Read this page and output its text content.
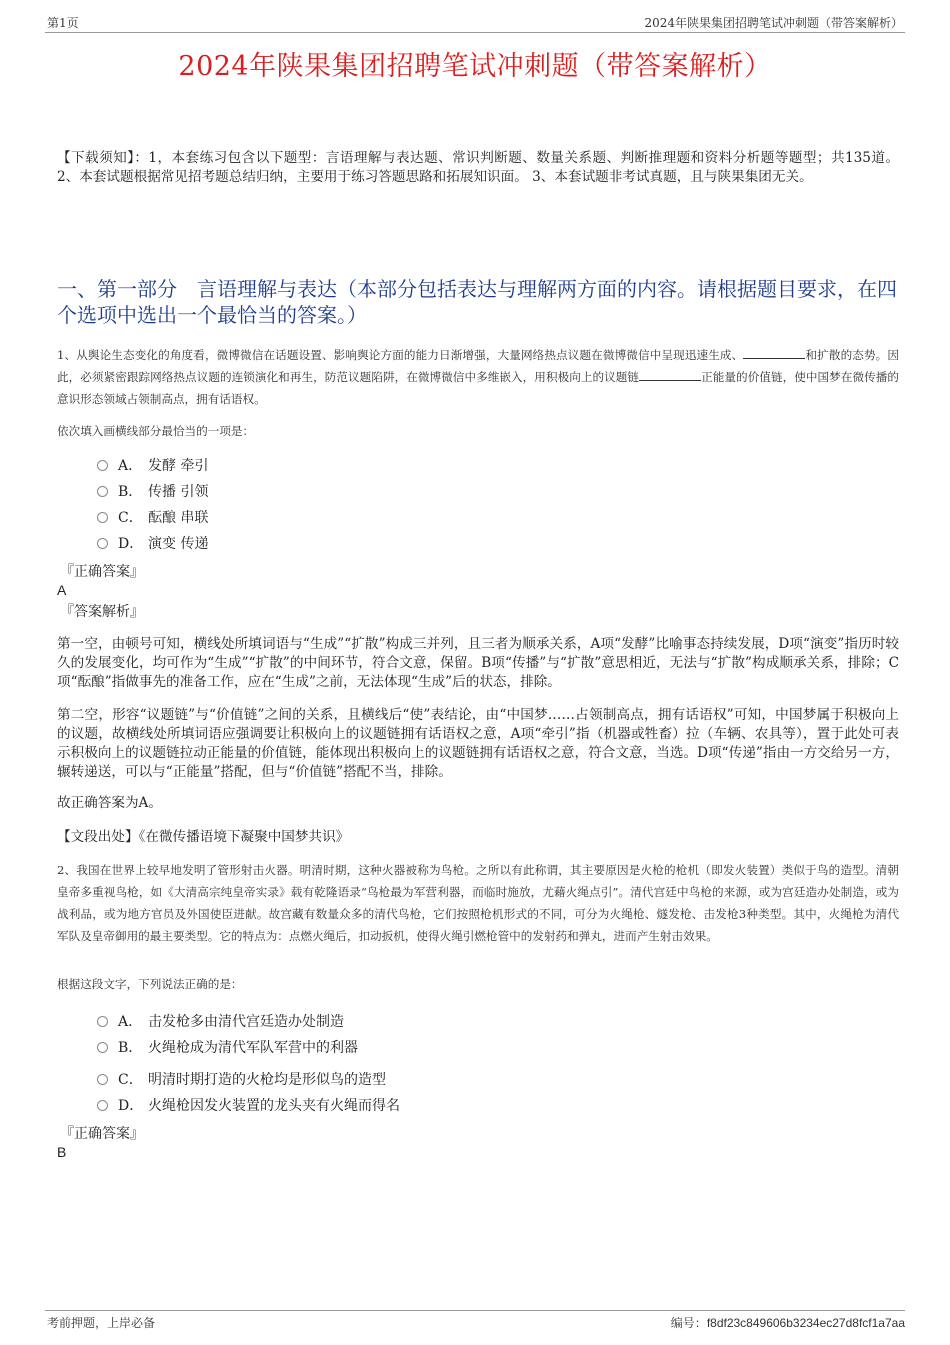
第1页	2024年陕果集团招聘笔试冲刺题（带答案解析）
2024年陕果集团招聘笔试冲刺题（带答案解析）
【下载须知】：1，本套练习包含以下题型：言语理解与表达题、常识判断题、数量关系题、判断推理题和资料分析题等题型；共135道。 2、本套试题根据常见招考题总结归纳，主要用于练习答题思路和拓展知识面。 3、本套试题非考试真题，且与陕果集团无关。
一、第一部分　言语理解与表达（本部分包括表达与理解两方面的内容。请根据题目要求，在四个选项中选出一个最恰当的答案。）
1、从舆论生态变化的角度看，微博微信在话题设置、影响舆论方面的能力日渐增强，大量网络热点议题在微博微信中呈现迅速生成、	和扩散的态势。因此，必须紧密跟踪网络热点议题的连锁演化和再生，防范议题陷阱，在微博微信中多维嵌入，用积极向上的议题链	正能量的价值链，使中国梦在微传播的意识形态领域占领制高点，拥有话语权。
依次填入画横线部分最恰当的一项是：
A． 发酵 牵引
B． 传播 引领
C． 酝酿 串联
D． 演变 传递
『正确答案』
A
『答案解析』
第一空，由顿号可知，横线处所填词语与“生成”“扩散”构成三并列，且三者为顺承关系，A项“发酵”比喻事态持续发展，D项“演变”指历时较久的发展变化，均可作为“生成”“扩散”的中间环节，符合文意，保留。B项“传播”与“扩散”意思相近，无法与“扩散”构成顺承关系，排除；C项“酝酿”指做事先的准备工作，应在“生成”之前，无法体现“生成”后的状态，排除。
第二空，形容“议题链”与“价值链”之间的关系，且横线后“使”表结论，由“中国梦……占领制高点，拥有话语权”可知，中国梦属于积极向上的议题，故横线处所填词语应强调要让积极向上的议题链拥有话语权之意，A项“牵引”指（机器或牲畜）拉（车辆、农具等），置于此处可表示积极向上的议题链拉动正能量的价值链，能体现出积极向上的议题链拥有话语权之意，符合文意，当选。D项“传递”指由一方交给另一方，辗转递送，可以与“正能量”搭配，但与“价值链”搭配不当，排除。
故正确答案为A。
【文段出处】《在微传播语境下凝聚中国梦共识》
2、我国在世界上较早地发明了管形射击火器。明清时期，这种火器被称为鸟枪。之所以有此称谓，其主要原因是火枪的枪机（即发火装置）类似于鸟的造型。清朝皇帝多重视鸟枪，如《大清高宗纯皇帝实录》载有乾隆语录“鸟枪最为军营利器，而临时施放，尤藉火绳点引”。清代宫廷中鸟枪的来源，或为宫廷造办处制造，或为战利品，或为地方官员及外国使臣进献。故宫藏有数量众多的清代鸟枪，它们按照枪机形式的不同，可分为火绳枪、燧发枪、击发枪3种类型。其中，火绳枪为清代军队及皇帝御用的最主要类型。它的特点为：点燃火绳后，扣动扳机，使得火绳引燃枪管中的发射药和弹丸，进而产生射击效果。
根据这段文字，下列说法正确的是：
A． 击发枪多由清代宫廷造办处制造
B． 火绳枪成为清代军队军营中的利器
C． 明清时期打造的火枪均是形似鸟的造型
D． 火绳枪因发火装置的龙头夹有火绳而得名
『正确答案』
B
考前押题，上岸必备	编号：f8df23c849606b3234ec27d8fcf1a7aa
